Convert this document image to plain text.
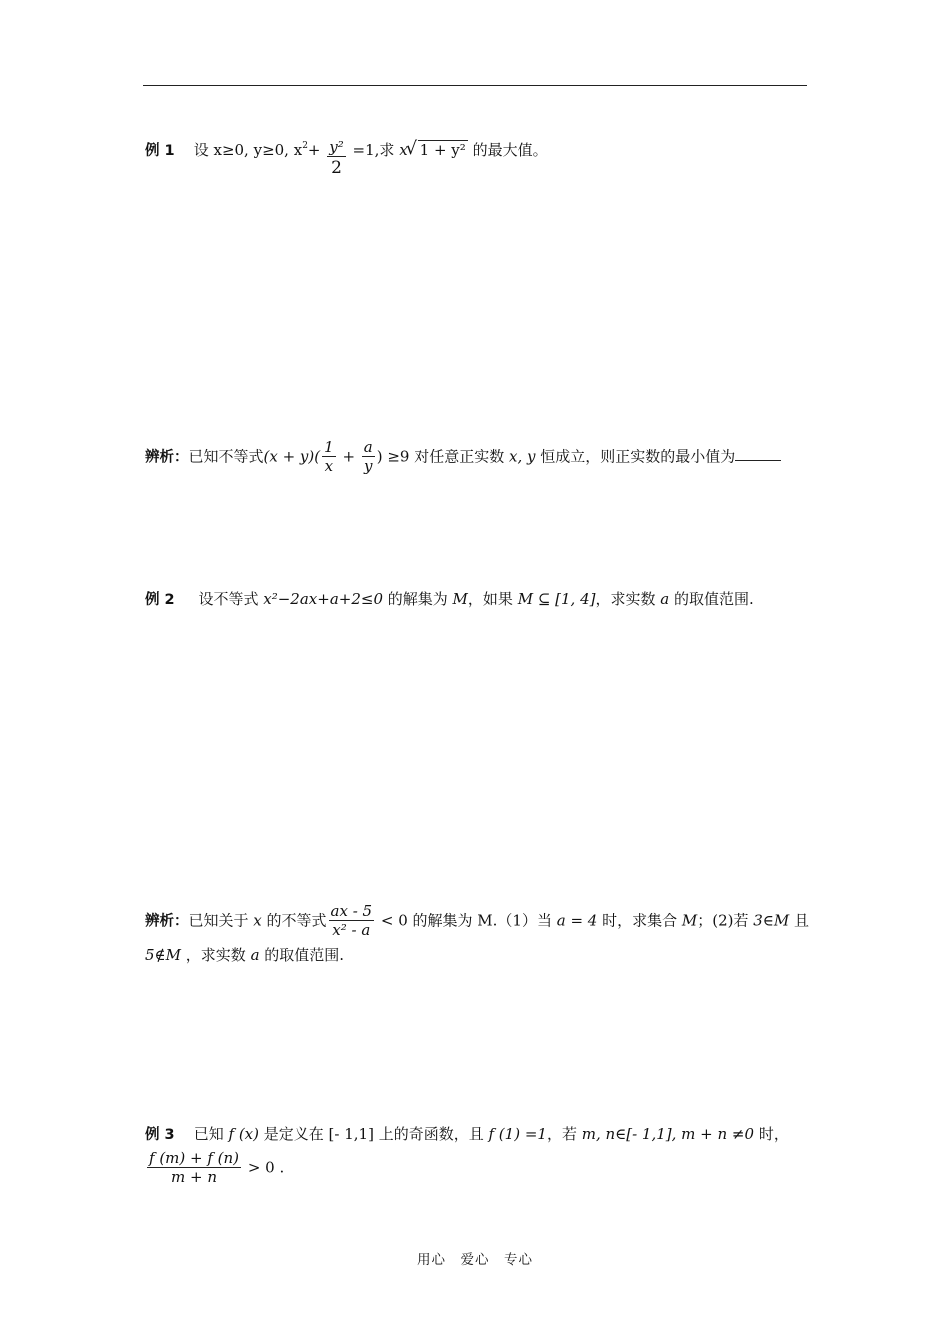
例 1 设 x≥0, y≥0, $x^2+ \frac{\text{y²}}{2} =1$,求 x√ 1 + y² 的最大值。
辨析：已知不等式$(x + y)( \frac{1}{x} + \frac{a}{y}$ ) ≥9 对任意正实数 x, y 恒成立，则正实数的最小值为
例 2 设不等式 x²−2ax+a+2≤0 的解集为 M，如果 M ⊆ [1, 4]，求实数 a 的取值范围.
辨析：已知关于 x 的不等式 $\frac{ax - 5}{\text{x² - a}} < 0$ 的解集为 M.（1）当 a = 4 时，求集合 M；(2)若 3∈M 且
5∉M ，求实数 a 的取值范围.
例 3 已知 f (x) 是定义在 [- 1,1] 上的奇函数，且 f (1) =1，若 m, n∈[- 1,1], m + n ≠0 时，
$\frac{f (m) + f (n)}{m + n} > 0$ .
用心　爱心　专心
